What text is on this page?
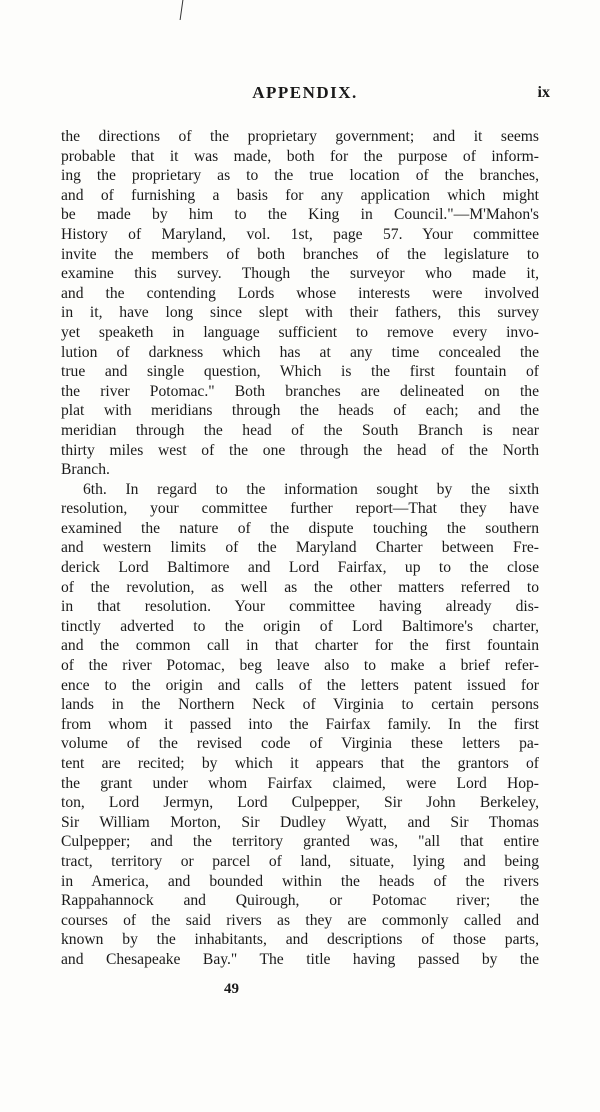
APPENDIX.	ix
the directions of the proprietary government; and it seems
probable that it was made, both for the purpose of inform-
ing the proprietary as to the true location of the branches,
and of furnishing a basis for any application which might
be made by him to the King in Council."—M'Mahon's
History of Maryland, vol. 1st, page 57. Your committee
invite the members of both branches of the legislature to
examine this survey. Though the surveyor who made it,
and the contending Lords whose interests were involved
in it, have long since slept with their fathers, this survey
yet speaketh in language sufficient to remove every invo-
lution of darkness which has at any time concealed the
true and single question, Which is the first fountain of
the river Potomac." Both branches are delineated on the
plat with meridians through the heads of each; and the
meridian through the head of the South Branch is near
thirty miles west of the one through the head of the North
Branch.
6th. In regard to the information sought by the sixth
resolution, your committee further report—That they have
examined the nature of the dispute touching the southern
and western limits of the Maryland Charter between Fre-
derick Lord Baltimore and Lord Fairfax, up to the close
of the revolution, as well as the other matters referred to
in that resolution. Your committee having already dis-
tinctly adverted to the origin of Lord Baltimore's charter,
and the common call in that charter for the first fountain
of the river Potomac, beg leave also to make a brief refer-
ence to the origin and calls of the letters patent issued for
lands in the Northern Neck of Virginia to certain persons
from whom it passed into the Fairfax family. In the first
volume of the revised code of Virginia these letters pa-
tent are recited; by which it appears that the grantors of
the grant under whom Fairfax claimed, were Lord Hop-
ton, Lord Jermyn, Lord Culpepper, Sir John Berkeley,
Sir William Morton, Sir Dudley Wyatt, and Sir Thomas
Culpepper; and the territory granted was, "all that entire
tract, territory or parcel of land, situate, lying and being
in America, and bounded within the heads of the rivers
Rappahannock and Quirough, or Potomac river; the
courses of the said rivers as they are commonly called and
known by the inhabitants, and descriptions of those parts,
and Chesapeake Bay." The title having passed by the
49
